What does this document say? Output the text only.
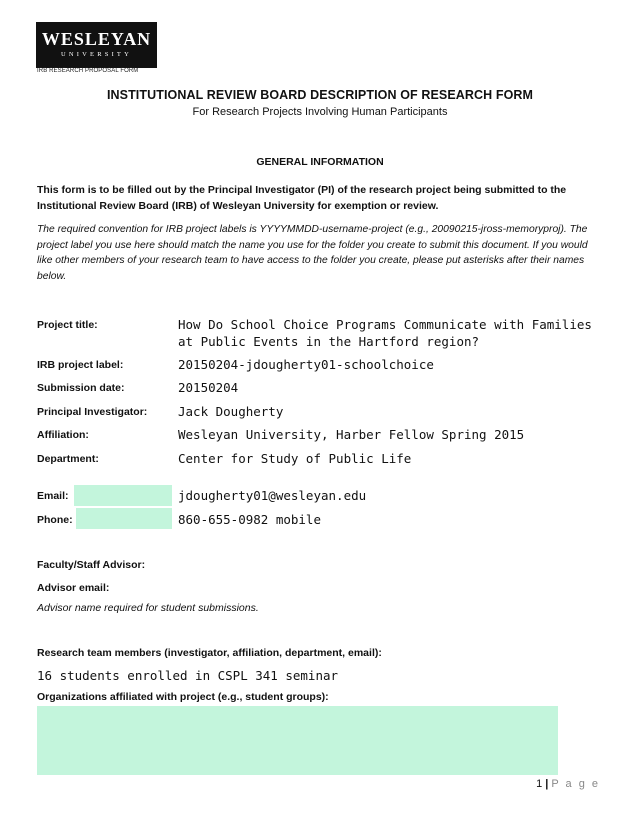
WESLEYAN
UNIVERSITY
IRB RESEARCH PROPOSAL FORM
INSTITUTIONAL REVIEW BOARD DESCRIPTION OF RESEARCH FORM
For Research Projects Involving Human Participants
GENERAL INFORMATION
This form is to be filled out by the Principal Investigator (PI) of the research project being submitted to the Institutional Review Board (IRB) of Wesleyan University for exemption or review.
The required convention for IRB project labels is YYYYMMDD-username-project (e.g., 20090215-jross-memoryproj). The project label you use here should match the name you use for the folder you create to submit this document. If you would like other members of your research team to have access to the folder you create, please put asterisks after their names below.
Project title:	How Do School Choice Programs Communicate with Families at Public Events in the Hartford region?
IRB project label:	20150204-jdougherty01-schoolchoice
Submission date:	20150204
Principal Investigator: Jack Dougherty
Affiliation:	Wesleyan University, Harber Fellow Spring 2015
Department:	Center for Study of Public Life
Email:	jdougherty01@wesleyan.edu
Phone:	860-655-0982 mobile
Faculty/Staff Advisor:
Advisor email:
Advisor name required for student submissions.
Research team members (investigator, affiliation, department, email):
16 students enrolled in CSPL 341 seminar
Organizations affiliated with project (e.g., student groups):
1 | P a g e
